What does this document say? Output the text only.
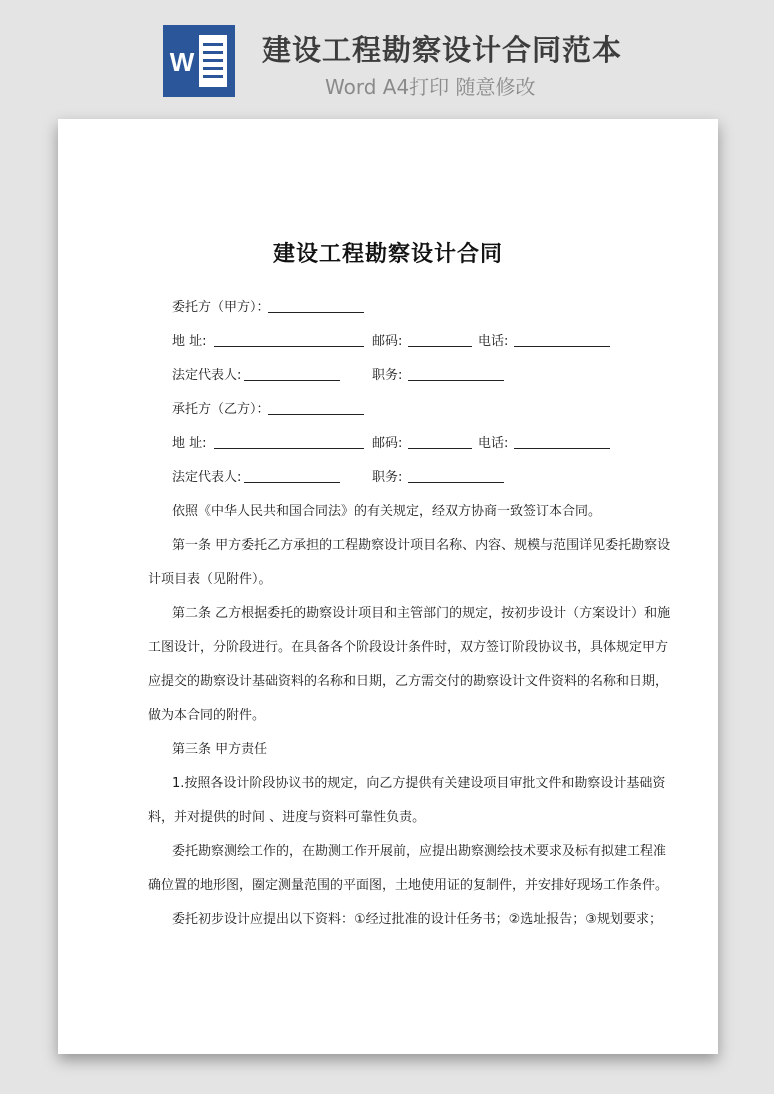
W 建设工程勘察设计合同范本
Word A4打印 随意修改
建设工程勘察设计合同
委托方（甲方）：
地 址:	邮码:	电话:
法定代表人:	职务:
承托方（乙方）：
地 址:	邮码:	电话:
法定代表人:	职务:
依照《中华人民共和国合同法》的有关规定，经双方协商一致签订本合同。
第一条 甲方委托乙方承担的工程勘察设计项目名称、内容、规模与范围详见委托勘察设
计项目表（见附件）。
第二条 乙方根据委托的勘察设计项目和主管部门的规定，按初步设计（方案设计）和施
工图设计，分阶段进行。在具备各个阶段设计条件时，双方签订阶段协议书，具体规定甲方
应提交的勘察设计基础资料的名称和日期，乙方需交付的勘察设计文件资料的名称和日期，
做为本合同的附件。
第三条 甲方责任
1.按照各设计阶段协议书的规定，向乙方提供有关建设项目审批文件和勘察设计基础资
料，并对提供的时间 、进度与资料可靠性负责。
委托勘察测绘工作的，在勘测工作开展前，应提出勘察测绘技术要求及标有拟建工程准
确位置的地形图，圈定测量范围的平面图，土地使用证的复制件，并安排好现场工作条件。
委托初步设计应提出以下资料：①经过批准的设计任务书；②选址报告；③规划要求；
